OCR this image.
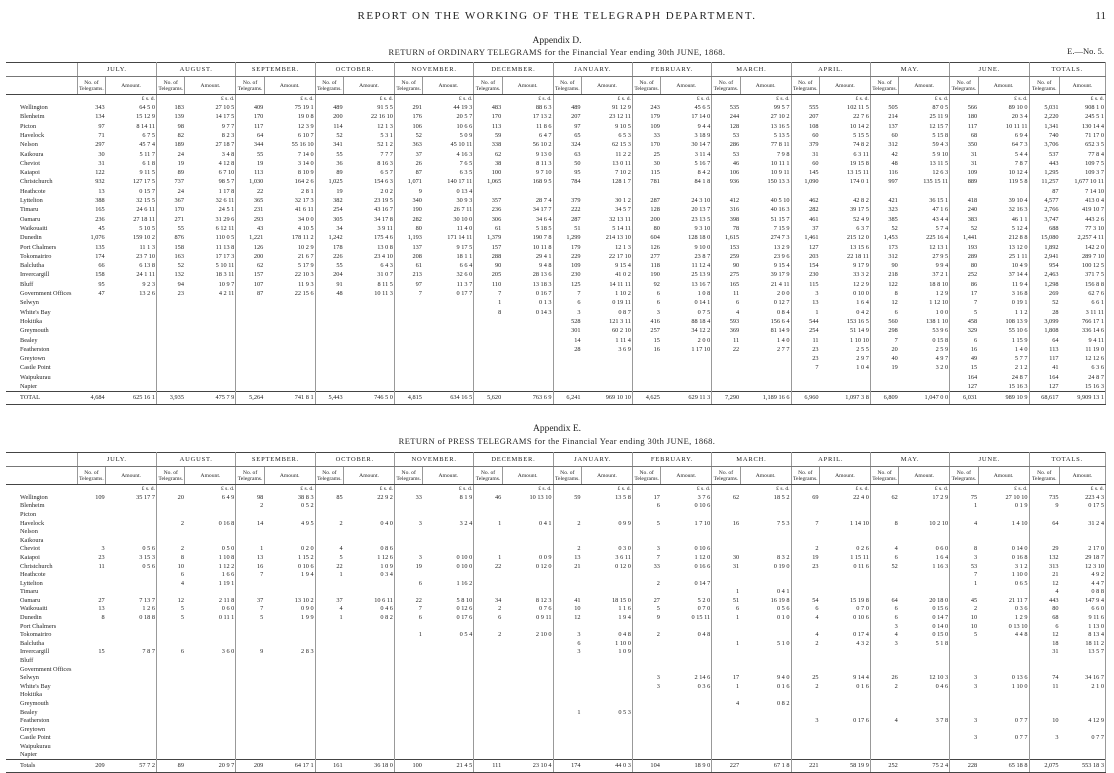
REPORT ON THE WORKING OF THE TELEGRAPH DEPARTMENT.	11
Appendix D.
RETURN of ORDINARY TELEGRAMS for the Financial Year ending 30th JUNE, 1868.	E.—No. 5.
	JULY.		AUGUST.		SEPTEMBER.		OCTOBER.		NOVEMBER.		DECEMBER.		JANUARY.		FEBRUARY.		MARCH.		APRIL.		MAY.		JUNE.		TOTALS.	
	No. of Telegrams.	Amount.	No. of Telegrams.	Amount.	No. of Telegrams.	Amount.	No. of Telegrams.	Amount.	No. of Telegrams.	Amount.	No. of Telegrams.	Amount.	No. of Telegrams.	Amount.	No. of Telegrams.	Amount.	No. of Telegrams.	Amount.	No. of Telegrams.	Amount.	No. of Telegrams.	Amount.	No. of Telegrams.	Amount.	No. of Telegrams.	Amount.
		£ s. d.		£ s. d.		£ s. d.		£ s. d.		£ s. d.		£ s. d.		£ s. d.		£ s. d.		£ s. d.		£ s. d.		£ s. d.		£ s. d.		£ s. d.
Wellington	343	64 5 0	183	27 10 5	409	75 19 1	489	91 5 5	291	44 19 3	483	88 6 3	489	91 12 9	243	45 6 5	535	99 5 7	555	102 11 5	505	87 0 5	566	89 10 0	5,031	908 1 0
Blenheim	134	15 12 9	139	14 17 5	170	19 0 8	200	22 16 10	176	20 5 7	170	17 13 2	207	23 12 11	179	17 14 0	244	27 10 2	207	22 7 6	214	25 11 9	180	20 3 4	2,220	245 5 1
Picton	97	8 14 11	98	9 7 7	117	12 3 9	114	12 1 3	106	10 6 6	113	11 8 6	97	9 10 5	109	9 4 4	128	13 16 5	108	10 14 2	137	12 15 7	117	10 11 11	1,341	130 14 4
Havelock	71	6 7 5	82	8 2 3	64	6 10 7	52	5 3 1	52	5 0 9	59	6 4 7	65	6 5 3	33	3 18 9	53	5 13 5	60	5 15 5	60	5 15 8	68	6 9 4	740	71 17 0
Nelson	297	45 7 4	189	27 18 7	344	55 16 10	341	52 1 2	363	45 10 11	338	56 10 2	324	62 15 3	170	30 14 7	286	77 8 11	379	74 8 2	312	59 4 3	350	64 7 3	3,706	652 3 5
Kaikoura	30	5 11 7	24	3 4 8	55	7 14 0	55	7 7 7	37	4 16 3	62	9 13 0	63	11 2 2	25	3 11 4	53	7 9 8	31	6 3 11	42	5 9 10	31	5 4 4	537	77 8 4
Cheviot	31	6 1 8	19	4 12 8	19	3 14 0	36	8 16 3	26	7 6 5	38	8 11 3	50	13 0 11	30	5 16 7	46	10 11 1	60	19 15 8	48	13 11 5	31	7 8 7	443	109 7 5
Kaiapoi	122	9 11 5	89	6 7 10	113	8 10 9	89	6 5 7	87	6 3 5	100	9 7 10	95	7 10 2	115	8 4 2	106	10 9 11	145	13 15 11	116	12 6 3	109	10 12 4	1,295	109 3 7
Christchurch	932	127 17 5	737	98 5 7	1,030	164 2 6	1,025	154 6 3	1,071	140 17 11	1,065	168 9 5	784	128 1 7	781	84 1 8	936	150 13 3	1,090	174 0 1	997	135 15 11	889	119 5 8	11,257	1,677 10 11
Heathcote	13	0 15 7	24	1 17 8	22	2 8 1	19	2 0 2	9	0 13 4															87	7 14 10
Lyttelton	388	32 15 5	367	32 6 11	365	32 17 3	382	23 19 5	340	30 9 3	357	28 7 4	379	30 1 2	287	24 3 10	412	40 5 10	462	42 8 2	421	36 15 1	418	39 10 4	4,577	413 0 4
Timaru	165	24 6 11	170	24 5 1	231	41 6 11	254	43 16 7	190	26 7 11	236	34 17 7	222	34 5 7	128	20 13 7	316	40 16 3	282	39 17 5	323	47 1 6	240	32 16 3	2,766	419 10 7
Oamaru	236	27 18 11	271	31 29 6	293	34 0 0	305	34 17 8	282	30 10 0	306	34 6 4	287	32 13 11	200	23 13 5	398	51 15 7	461	52 4 9	385	43 4 4	383	46 1 1	3,747	443 2 6
Waikouaiti	45	5 10 5	55	6 12 11	43	4 10 5	34	3 9 11	80	11 4 0	61	5 18 5	51	5 14 11	80	9 3 10	78	7 15 9	37	6 3 7	52	5 7 4	52	5 12 4	688	77 3 10
Dunedin	1,076	159 10 2	876	110 0 5	1,221	178 11 2	1,242	175 4 6	1,193	171 14 11	1,379	190 7 8	1,299	214 13 10	604	128 18 0	1,615	274 7 3	1,461	215 12 0	1,453	225 16 4	1,441	212 8 8	15,080	2,257 4 11
Port Chalmers	135	11 1 3	158	11 13 8	126	10 2 9	178	13 0 8	137	9 17 5	157	10 11 8	179	12 1 3	126	9 10 0	153	13 2 9	127	13 15 6	173	12 13 1	193	13 12 0	1,892	142 2 0
Tokomairiro	174	23 7 10	163	17 17 3	200	21 6 7	226	23 4 10	208	18 1 1	288	29 4 1	229	22 17 10	277	23 8 7	259	23 9 6	203	22 18 11	312	27 9 5	289	25 1 11	2,941	289 7 10
Balclutha	66	6 13 8	52	5 10 11	62	5 17 9	55	6 4 3	61	6 6 4	90	9 4 8	109	9 15 4	118	11 12 4	90	9 15 4	154	9 17 9	90	9 9 4	80	10 4 9	954	100 12 5
Invercargill	158	24 1 11	132	18 3 11	157	22 10 3	204	31 0 7	213	32 6 0	205	28 13 6	230	41 0 2	190	25 13 9	275	39 17 9	230	33 3 2	218	37 2 1	252	37 14 4	2,463	371 7 5
Bluff	95	9 2 3	94	10 9 7	107	11 9 3	91	8 11 5	97	11 3 7	110	13 18 3	125	14 11 11	92	13 16 7	165	21 4 11	115	12 2 9	122	18 8 10	86	11 9 4	1,298	156 8 8
Government Offices	47	13 2 6	23	4 2 11	87	22 15 6	48	10 11 3	7	0 17 7	7	0 16 7	7	1 10 2	6	1 0 8	11	2 0 0	3	0 10 0	8	1 2 9	17	3 16 8	269	62 7 6
Selwyn											1	0 1 3	6	0 19 11	6	0 14 1	6	0 12 7	13	1 6 4	12	1 12 10	7	0 19 1	52	6 6 1
White's Bay											8	0 14 3	3	0 8 7	3	0 7 5	4	0 8 4	1	0 4 2	6	1 0 0	5	1 1 2	28	3 11 11
Hokitika													528	121 3 11	416	88 18 4	593	156 6 4	544	153 16 5	560	138 1 10	458	108 13 9	3,099	766 17 1
Greymouth													301	60 2 10	257	34 12 2	369	81 14 9	254	51 14 9	298	53 9 6	329	55 10 6	1,808	336 14 6
Bealey													14	1 11 4	15	2 0 0	11	1 4 0	11	1 10 10	7	0 15 8	6	1 15 9	64	9 4 11
Featherston													28	3 6 9	16	1 17 10	22	2 7 7	23	2 5 5	20	2 5 9	16	1 4 0	113	11 19 0
Greytown																			23	2 9 7	40	4 9 7	49	5 7 7	117	12 12 6
Castle Point																			7	1 0 4	19	3 2 0	15	2 1 2	41	6 3 6
Waipukurau																							164	24 8 7	164	24 8 7
Napier																							127	15 16 3	127	15 16 3
TOTAL	4,684	625 16 1	3,935	475 7 9	5,264	741 8 1	5,443	746 5 0	4,815	634 16 5	5,620	763 6 9	6,241	969 10 10	4,625	629 11 3	7,290	1,189 16 6	6,960	1,097 3 8	6,809	1,047 0 0	6,031	989 10 9	68,617	9,909 13 1
Appendix E.
RETURN of PRESS TELEGRAMS for the Financial Year ending 30th JUNE, 1868.
	JULY.		AUGUST.		SEPTEMBER.		OCTOBER.		NOVEMBER.		DECEMBER.		JANUARY.		FEBRUARY.		MARCH.		APRIL.		MAY.		JUNE.		TOTALS.	
	No. of Telegrams.	Amount.	No. of Telegrams.	Amount.	No. of Telegrams.	Amount.	No. of Telegrams.	Amount.	No. of Telegrams.	Amount.	No. of Telegrams.	Amount.	No. of Telegrams.	Amount.	No. of Telegrams.	Amount.	No. of Telegrams.	Amount.	No. of Telegrams.	Amount.	No. of Telegrams.	Amount.	No. of Telegrams.	Amount.	No. of Telegrams.	Amount.
		£ s. d.		£ s. d.		£ s. d.		£ s. d.		£ s. d.		£ s. d.		£ s. d.		£ s. d.		£ s. d.		£ s. d.		£ s. d.		£ s. d.		£ s. d.
Wellington	109	35 17 7	20	6 4 9	98	38 8 3	85	22 9 2	33	8 1 9	46	10 13 10	59	13 5 8	17	3 7 6	62	18 5 2	69	22 4 0	62	17 2 9	75	27 10 10	735	223 4 3
Blenheim					2	0 5 2									6	0 10 6							1	0 1 9	9	0 17 5
Picton																										
Havelock			2	0 16 8	14	4 9 5	2	0 4 0	3	3 2 4	1	0 4 1	2	0 9 9	5	1 7 10	16	7 5 3	7	1 14 10	8	10 2 10	4	1 4 10	64	31 2 4
Nelson																										
Kaikoura																										
Cheviot	3	0 5 6	2	0 5 0	1	0 2 0	4	0 8 6					2	0 3 0	3	0 10 6			2	0 2 6	4	0 6 0	8	0 14 0	29	2 17 0
Kaiapoi	23	3 15 3	8	1 10 8	13	1 15 2	5	1 12 6	3	0 10 0	1	0 0 9	13	3 6 11	7	1 12 0	30	8 3 2	19	1 15 11	6	1 6 4	3	0 16 8	132	29 18 7
Christchurch	11	0 5 6	10	1 12 2	16	0 10 6	22	1 0 9	19	0 10 0	22	0 12 0	21	0 12 0	33	0 16 6	31	0 19 0	23	0 11 6	52	1 16 3	53	3 1 2	313	12 3 10
Heathcote			6	1 6 6	7	1 9 4	1	0 3 4															7	1 10 0	21	4 9 2
Lyttelton			4	1 19 1					6	1 16 2					2	0 14 7							1	0 6 5	12	4 4 7
Timaru																	1	0 4 1							4	0 8 8
Oamaru	27	7 13 7	12	2 11 8	37	13 10 2	37	10 6 11	22	5 8 10	34	8 12 3	41	18 15 0	27	5 2 0	51	16 19 8	54	15 19 8	64	20 18 0	45	21 11 7	443	147 9 4
Waikouaiti	13	1 2 6	5	0 6 0	7	0 9 0	4	0 4 6	7	0 12 6	2	0 7 6	10	1 1 6	5	0 7 0	6	0 5 6	6	0 7 0	6	0 15 6	2	0 3 6	80	6 6 0
Dunedin	8	0 18 8	5	0 11 1	5	1 9 9	1	0 8 2	6	0 17 6	6	0 9 11	12	1 9 4	9	0 15 11	1	0 1 0	4	0 10 6	6	0 14 7	10	1 2 9	68	9 11 6
Port Chalmers																					3	0 14 0	10	0 13 10	6	1 13 0
Tokomairiro									1	0 5 4	2	2 10 0	3	0 4 8	2	0 4 8			4	0 17 4	4	0 15 0	5	4 4 8	12	8 13 4
Balclutha													6	1 10 0			1	5 1 0	2	4 3 2	3	5 1 8			18	18 11 2
Invercargill	15	7 8 7	6	3 6 0	9	2 8 3							3	1 0 9											31	13 5 7
Bluff																										
Government Offices																										
Selwyn															3	2 14 6	17	9 4 0	25	9 14 4	26	12 10 3	3	0 13 6	74	34 16 7
White's Bay															3	0 3 6	1	0 1 6	2	0 1 6	2	0 4 6	3	1 10 0	11	2 1 0
Hokitika																										
Greymouth																	4	0 8 2								
Bealey													1	0 5 3												
Featherston																			3	0 17 6	4	3 7 8	3	0 7 7	10	4 12 9
Greytown																										
Castle Point																							3	0 7 7	3	0 7 7
Waipukurau																										
Napier																										
Totals	209	57 7 2	89	20 9 7	209	64 17 1	161	36 18 0	100	21 4 5	111	23 10 4	174	44 0 3	104	18 9 0	227	67 1 8	221	58 19 9	252	75 2 4	228	65 18 8	2,075	553 18 3
